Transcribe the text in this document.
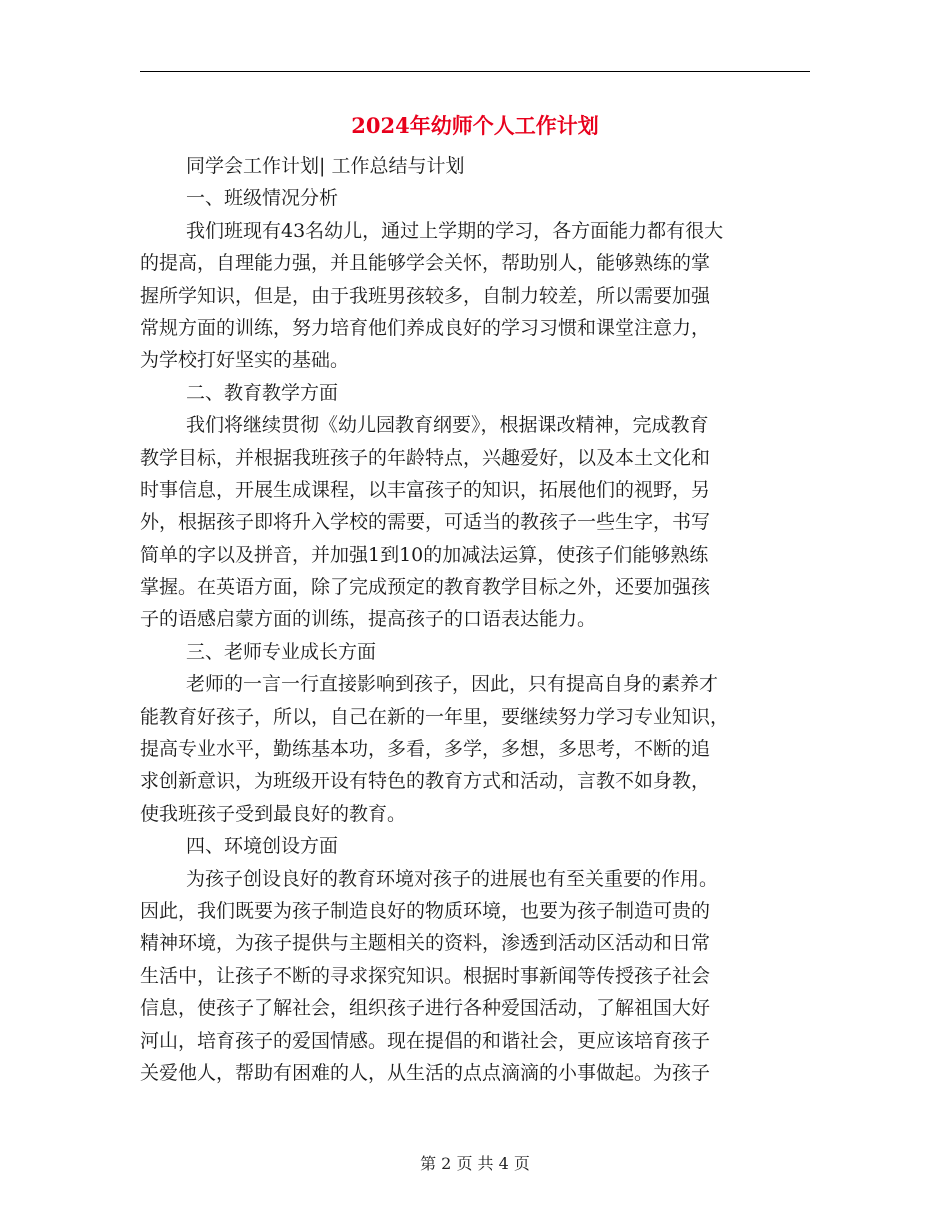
2024年幼师个人工作计划
同学会工作计划| 工作总结与计划
一、班级情况分析
我们班现有43名幼儿，通过上学期的学习，各方面能力都有很大
的提高，自理能力强，并且能够学会关怀，帮助别人，能够熟练的掌
握所学知识，但是，由于我班男孩较多，自制力较差，所以需要加强
常规方面的训练，努力培育他们养成良好的学习习惯和课堂注意力，
为学校打好坚实的基础。
二、教育教学方面
我们将继续贯彻《幼儿园教育纲要》，根据课改精神，完成教育
教学目标，并根据我班孩子的年龄特点，兴趣爱好，以及本土文化和
时事信息，开展生成课程，以丰富孩子的知识，拓展他们的视野，另
外，根据孩子即将升入学校的需要，可适当的教孩子一些生字，书写
简单的字以及拼音，并加强1到10的加减法运算，使孩子们能够熟练
掌握。在英语方面，除了完成预定的教育教学目标之外，还要加强孩
子的语感启蒙方面的训练，提高孩子的口语表达能力。
三、老师专业成长方面
老师的一言一行直接影响到孩子，因此，只有提高自身的素养才
能教育好孩子，所以，自己在新的一年里，要继续努力学习专业知识，
提高专业水平，勤练基本功，多看，多学，多想，多思考，不断的追
求创新意识，为班级开设有特色的教育方式和活动，言教不如身教，
使我班孩子受到最良好的教育。
四、环境创设方面
为孩子创设良好的教育环境对孩子的进展也有至关重要的作用。
因此，我们既要为孩子制造良好的物质环境，也要为孩子制造可贵的
精神环境，为孩子提供与主题相关的资料，渗透到活动区活动和日常
生活中，让孩子不断的寻求探究知识。根据时事新闻等传授孩子社会
信息，使孩子了解社会，组织孩子进行各种爱国活动，了解祖国大好
河山，培育孩子的爱国情感。现在提倡的和谐社会，更应该培育孩子
关爱他人，帮助有困难的人，从生活的点点滴滴的小事做起。为孩子
第 2 页 共 4 页
